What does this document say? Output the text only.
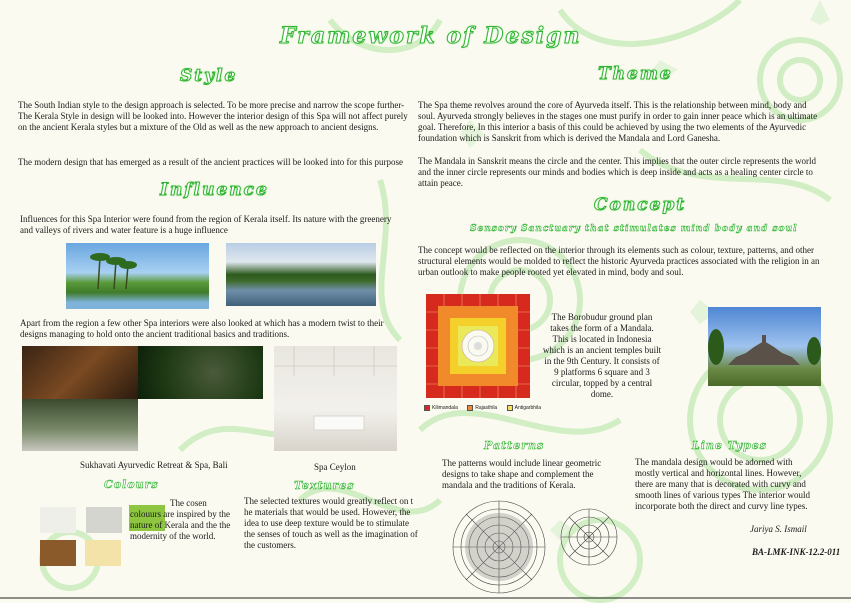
Framework of Design
Style
The South Indian style to the design approach is selected. To be more precise and narrow the scope further- The Kerala Style in design will be looked into. However the interior design of this Spa will not affect purely on the ancient Kerala styles but a mixture of the Old as well as the new approach to ancient designs.
The modern design that has emerged as a result of the ancient practices will be looked into for this purpose
Theme
The Spa theme revolves around the core of Ayurveda itself. This is the relationship between mind, body and soul. Ayurveda strongly believes in the stages one must purify in order to gain inner peace which is an ultimate goal. Therefore, In this interior a basis of this could be achieved by using the two elements of the Ayurvedic foundation which is Sanskrit from which is derived the Mandala and Lord Ganesha.
The Mandala in Sanskrit means the circle and the center. This implies that the outer circle represents the world and the inner circle represents our minds and bodies which is deep inside and acts as a healing center circle to attain peace.
Influence
Influences for this Spa Interior were found from the region of Kerala itself. Its nature with the greenery and valleys of rivers and water feature is a huge influence
Apart from the region a few other Spa interiors were also looked at which has a modern twist to their designs managing to hold onto the ancient traditional basics and traditions.
Sukhavati Ayurvedic Retreat & Spa, Bali	Spa Ceylon
Concept
Sensory Sanctuary that stimulates mind body and soul
The concept would be reflected on the interior through its elements such as colour, texture, patterns, and other structural elements would be molded to reflect the historic Ayurveda practices associated with the religion in an urban outlook to make people rooted yet elevated in mind, body and soul.
Kilimandala
	Rajasthila
	Antigarbhila
The Borobudur ground plan takes the form of a Mandala. This is located in Indonesia which is an ancient temples built in the 9th Century. It consists of 9 platforms 6 square and 3 circular, topped by a central dome.
Colours
The cosen colouurs are inspired by the nature of Kerala and the the modernity of the world.
Textures
The selected textures would greatly reflect on t he materials that would be used. However, the idea to use deep texture would be to stimulate the senses of touch as well as the imagination of the customers.
Patterns
The patterns would include linear geometric designs to take shape and complement the mandala and the traditions of Kerala.
Line Types
The mandala design would be adorned with mostly vertical and horizontal lines. However, there are many that is decorated with curvy and smooth lines of various types The interior would incorporate both the direct and curvy line types.
Jariya S. Ismail
BA-LMK-INK-12.2-011
